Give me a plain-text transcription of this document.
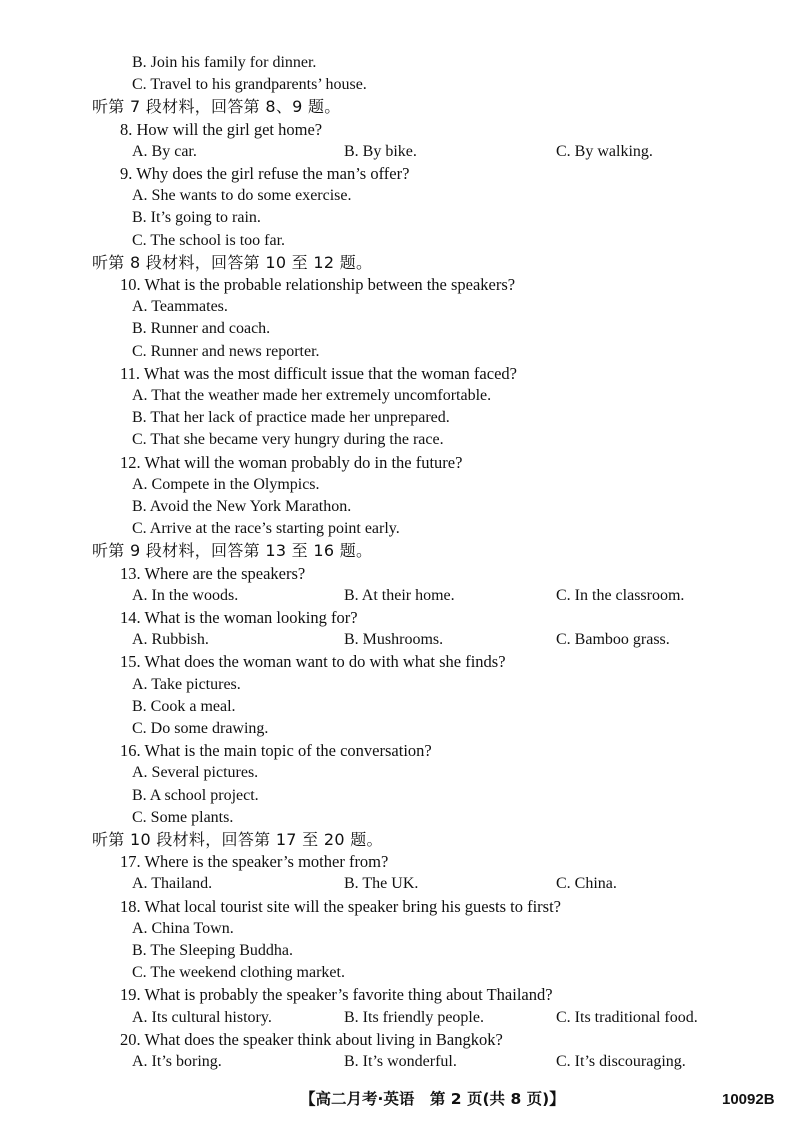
B. Join his family for dinner.
C. Travel to his grandparents’ house.
听第 7 段材料，回答第 8、9 题。
8. How will the girl get home?
A. By car.	B. By bike.	C. By walking.
9. Why does the girl refuse the man’s offer?
A. She wants to do some exercise.
B. It’s going to rain.
C. The school is too far.
听第 8 段材料，回答第 10 至 12 题。
10. What is the probable relationship between the speakers?
A. Teammates.
B. Runner and coach.
C. Runner and news reporter.
11. What was the most difficult issue that the woman faced?
A. That the weather made her extremely uncomfortable.
B. That her lack of practice made her unprepared.
C. That she became very hungry during the race.
12. What will the woman probably do in the future?
A. Compete in the Olympics.
B. Avoid the New York Marathon.
C. Arrive at the race’s starting point early.
听第 9 段材料，回答第 13 至 16 题。
13. Where are the speakers?
A. In the woods.	B. At their home.	C. In the classroom.
14. What is the woman looking for?
A. Rubbish.	B. Mushrooms.	C. Bamboo grass.
15. What does the woman want to do with what she finds?
A. Take pictures.
B. Cook a meal.
C. Do some drawing.
16. What is the main topic of the conversation?
A. Several pictures.
B. A school project.
C. Some plants.
听第 10 段材料，回答第 17 至 20 题。
17. Where is the speaker’s mother from?
A. Thailand.	B. The UK.	C. China.
18. What local tourist site will the speaker bring his guests to first?
A. China Town.
B. The Sleeping Buddha.
C. The weekend clothing market.
19. What is probably the speaker’s favorite thing about Thailand?
A. Its cultural history.	B. Its friendly people.	C. Its traditional food.
20. What does the speaker think about living in Bangkok?
A. It’s boring.	B. It’s wonderful.	C. It’s discouraging.
【高二月考·英语　第 2 页(共 8 页)】	10092B
